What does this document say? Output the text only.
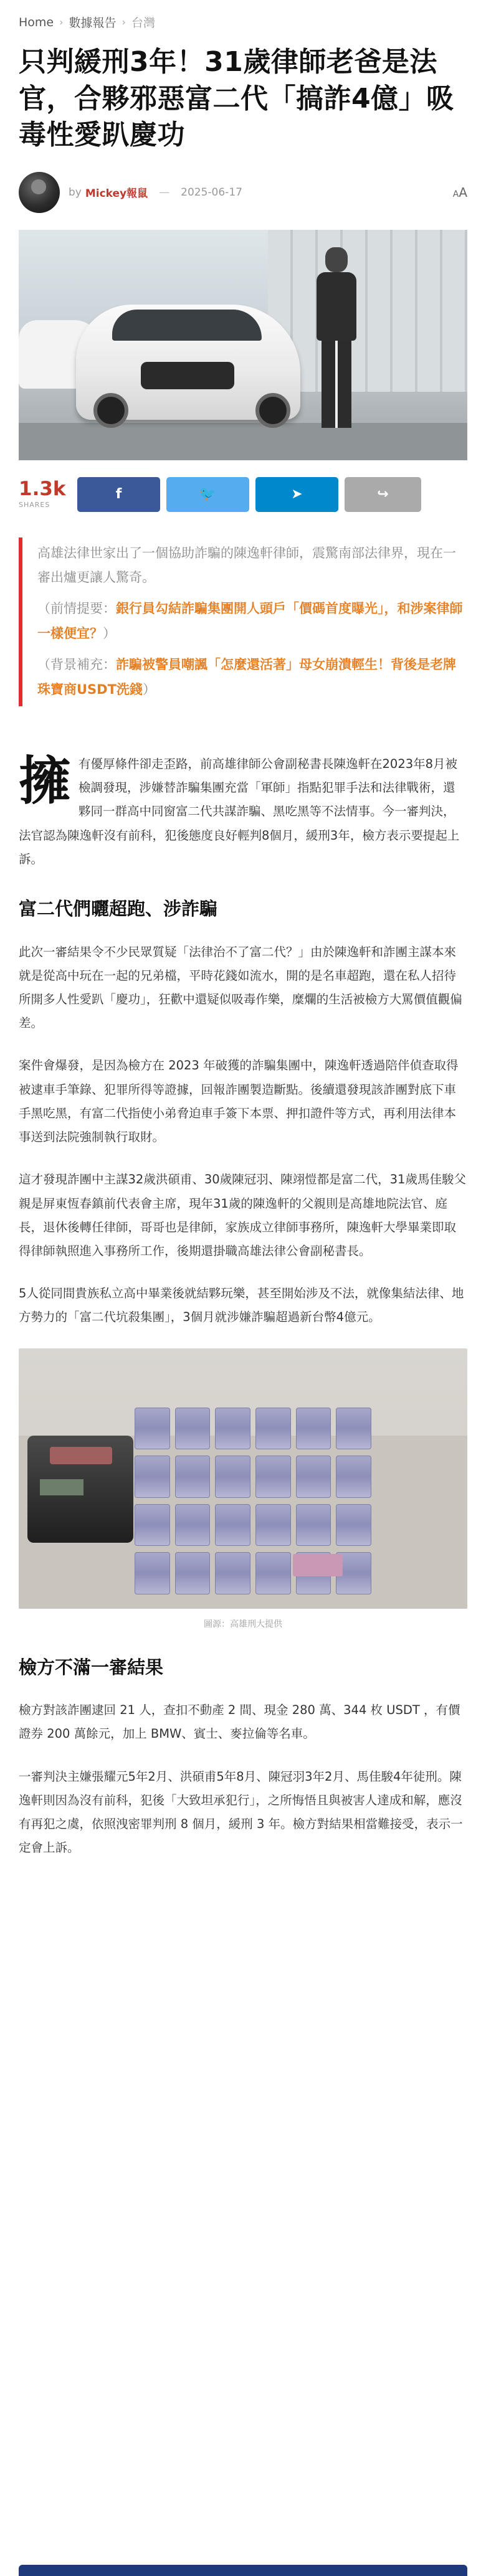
Home › 數據報告 › 台灣
只判緩刑3年！31歲律師老爸是法官，合夥邪惡富二代「搞詐4億」吸毒性愛趴慶功
by Mickey報鼠 — 2025-06-17	AA
1.3k
SHARES
f	🐦	➤	↪

高雄法律世家出了一個協助詐騙的陳逸軒律師，震驚南部法律界，現在一審出爐更讓人驚奇。

（前情提要：銀行員勾結詐騙集團開人頭戶「價碼首度曝光」，和涉案律師一樣便宜？）

（背景補充：詐騙被警員嘲諷「怎麼還活著」母女崩潰輕生！背後是老牌珠寶商USDT洗錢）

擁 有優厚條件卻走歪路，前高雄律師公會副秘書長陳逸軒在2023年8月被檢調發現，涉嫌替詐騙集團充當「軍師」指點犯罪手法和法律戰術，還夥同一群高中同窗富二代共謀詐騙、黑吃黑等不法情事。今一審判決，法官認為陳逸軒沒有前科，犯後態度良好輕判8個月，緩刑3年，檢方表示要提起上訴。
富二代們曬超跑、涉詐騙

此次一審結果令不少民眾質疑「法律治不了富二代？」由於陳逸軒和詐團主謀本來就是從高中玩在一起的兄弟檔，平時花錢如流水，開的是名車超跑，還在私人招待所開多人性愛趴「慶功」，狂歡中還疑似吸毒作樂，糜爛的生活被檢方大罵價值觀偏差。

案件會爆發，是因為檢方在 2023 年破獲的詐騙集團中，陳逸軒透過陪伴偵查取得被逮車手筆錄、犯罪所得等證據，回報詐團製造斷點。後續還發現該詐團對底下車手黑吃黑，有富二代指使小弟脅迫車手簽下本票、押扣證件等方式，再利用法律本事送到法院強制執行取財。

這才發現詐團中主謀32歲洪碩甫、30歲陳冠羽、陳翊愷都是富二代，31歲馬佳駿父親是屏東恆春鎮前代表會主席，現年31歲的陳逸軒的父親則是高雄地院法官、庭長，退休後轉任律師，哥哥也是律師，家族成立律師事務所，陳逸軒大學畢業即取得律師執照進入事務所工作，後期還掛職高雄法律公會副秘書長。

5人從同間貴族私立高中畢業後就結夥玩樂，甚至開始涉及不法，就像集結法律、地方勢力的「富二代坑殺集團」，3個月就涉嫌詐騙超過新台幣4億元。

圖源：高雄刑大提供
檢方不滿一審結果

檢方對該詐團逮回 21 人，查扣不動產 2 間、現金 280 萬、344 枚 USDT ，有價證券 200 萬餘元，加上 BMW、賓士、麥拉倫等名車。

一審判決主嫌張耀元5年2月、洪碩甫5年8月、陳冠羽3年2月、馬佳駿4年徒刑。陳逸軒則因為沒有前科，犯後「大致坦承犯行」，之所悔悟且與被害人達成和解，應沒有再犯之虞，依照洩密罪判刑 8 個月，緩刑 3 年。檢方對結果相當難接受，表示一定會上訴。
